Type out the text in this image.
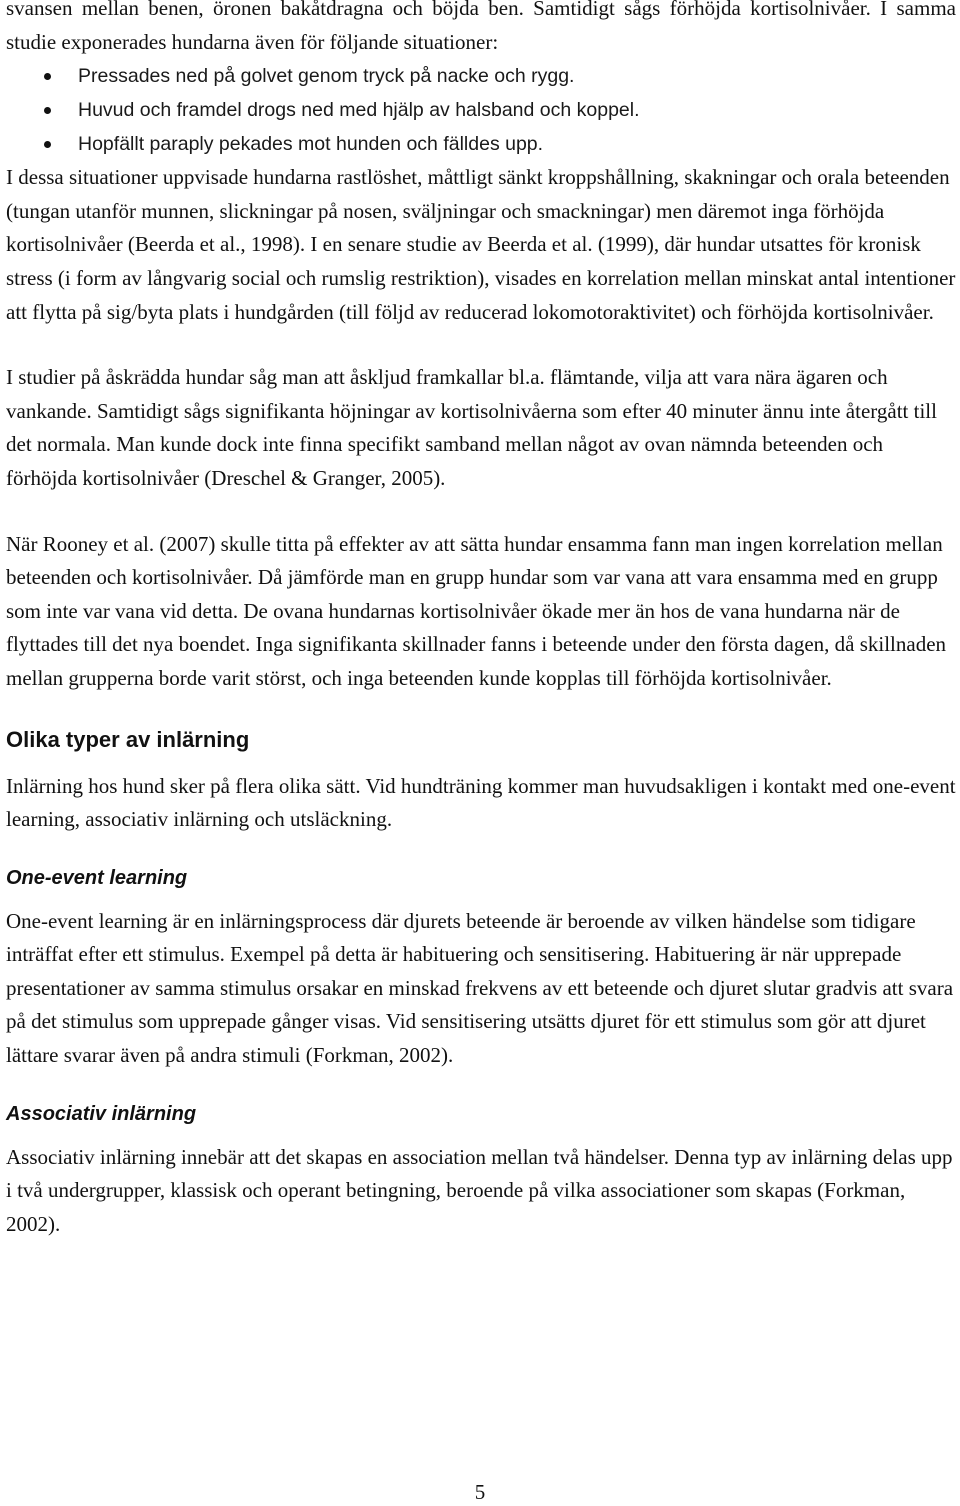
svansen mellan benen, öronen bakåtdragna och böjda ben. Samtidigt sågs förhöjda kortisolnivåer. I samma studie exponerades hundarna även för följande situationer:

Pressades ned på golvet genom tryck på nacke och rygg.
Huvud och framdel drogs ned med hjälp av halsband och koppel.
Hopfällt paraply pekades mot hunden och fälldes upp.

I dessa situationer uppvisade hundarna rastlöshet, måttligt sänkt kroppshållning, skakningar och orala beteenden (tungan utanför munnen, slickningar på nosen, sväljningar och smackningar) men däremot inga förhöjda kortisolnivåer (Beerda et al., 1998). I en senare studie av Beerda et al. (1999), där hundar utsattes för kronisk stress (i form av långvarig social och rumslig restriktion), visades en korrelation mellan minskat antal intentioner att flytta på sig/byta plats i hundgården (till följd av reducerad lokomotoraktivitet) och förhöjda kortisolnivåer.

I studier på åskrädda hundar såg man att åskljud framkallar bl.a. flämtande, vilja att vara nära ägaren och vankande. Samtidigt sågs signifikanta höjningar av kortisolnivåerna som efter 40 minuter ännu inte återgått till det normala. Man kunde dock inte finna specifikt samband mellan något av ovan nämnda beteenden och förhöjda kortisolnivåer (Dreschel & Granger, 2005).

När Rooney et al. (2007) skulle titta på effekter av att sätta hundar ensamma fann man ingen korrelation mellan beteenden och kortisolnivåer. Då jämförde man en grupp hundar som var vana att vara ensamma med en grupp som inte var vana vid detta. De ovana hundarnas kortisolnivåer ökade mer än hos de vana hundarna när de flyttades till det nya boendet. Inga signifikanta skillnader fanns i beteende under den första dagen, då skillnaden mellan grupperna borde varit störst, och inga beteenden kunde kopplas till förhöjda kortisolnivåer.

Olika typer av inlärning

Inlärning hos hund sker på flera olika sätt. Vid hundträning kommer man huvudsakligen i kontakt med one-event learning, associativ inlärning och utsläckning.

One-event learning

One-event learning är en inlärningsprocess där djurets beteende är beroende av vilken händelse som tidigare inträffat efter ett stimulus. Exempel på detta är habituering och sensitisering. Habituering är när upprepade presentationer av samma stimulus orsakar en minskad frekvens av ett beteende och djuret slutar gradvis att svara på det stimulus som upprepade gånger visas. Vid sensitisering utsätts djuret för ett stimulus som gör att djuret lättare svarar även på andra stimuli (Forkman, 2002).

Associativ inlärning

Associativ inlärning innebär att det skapas en association mellan två händelser. Denna typ av inlärning delas upp i två undergrupper, klassisk och operant betingning, beroende på vilka associationer som skapas (Forkman, 2002).

5
